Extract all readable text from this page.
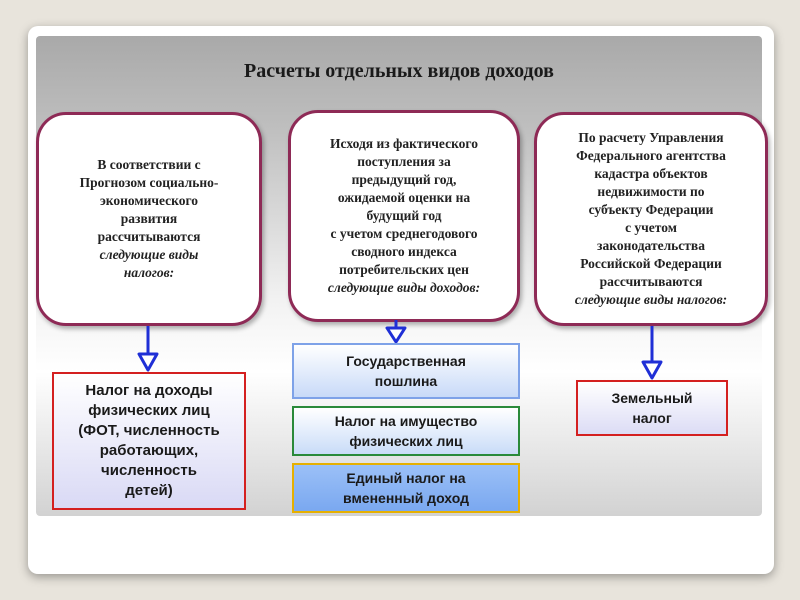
Расчеты отдельных видов доходов
В соответствии с
Прогнозом социально-
экономического
развития
рассчитываются
следующие виды
налогов:
Исходя из фактического
поступления за
предыдущий год,
ожидаемой оценки на
будущий год
с учетом среднегодового
сводного индекса
потребительских цен
следующие виды доходов:
По расчету Управления
Федерального агентства
кадастра объектов
недвижимости по
субъекту Федерации
с учетом
законодательства
Российской Федерации
рассчитываются
следующие виды налогов:
Налог на доходы
физических лиц
(ФОТ, численность
работающих,
численность
детей)
Государственная
пошлина
Налог на имущество
физических лиц
Единый налог на
вмененный доход
Земельный
налог
